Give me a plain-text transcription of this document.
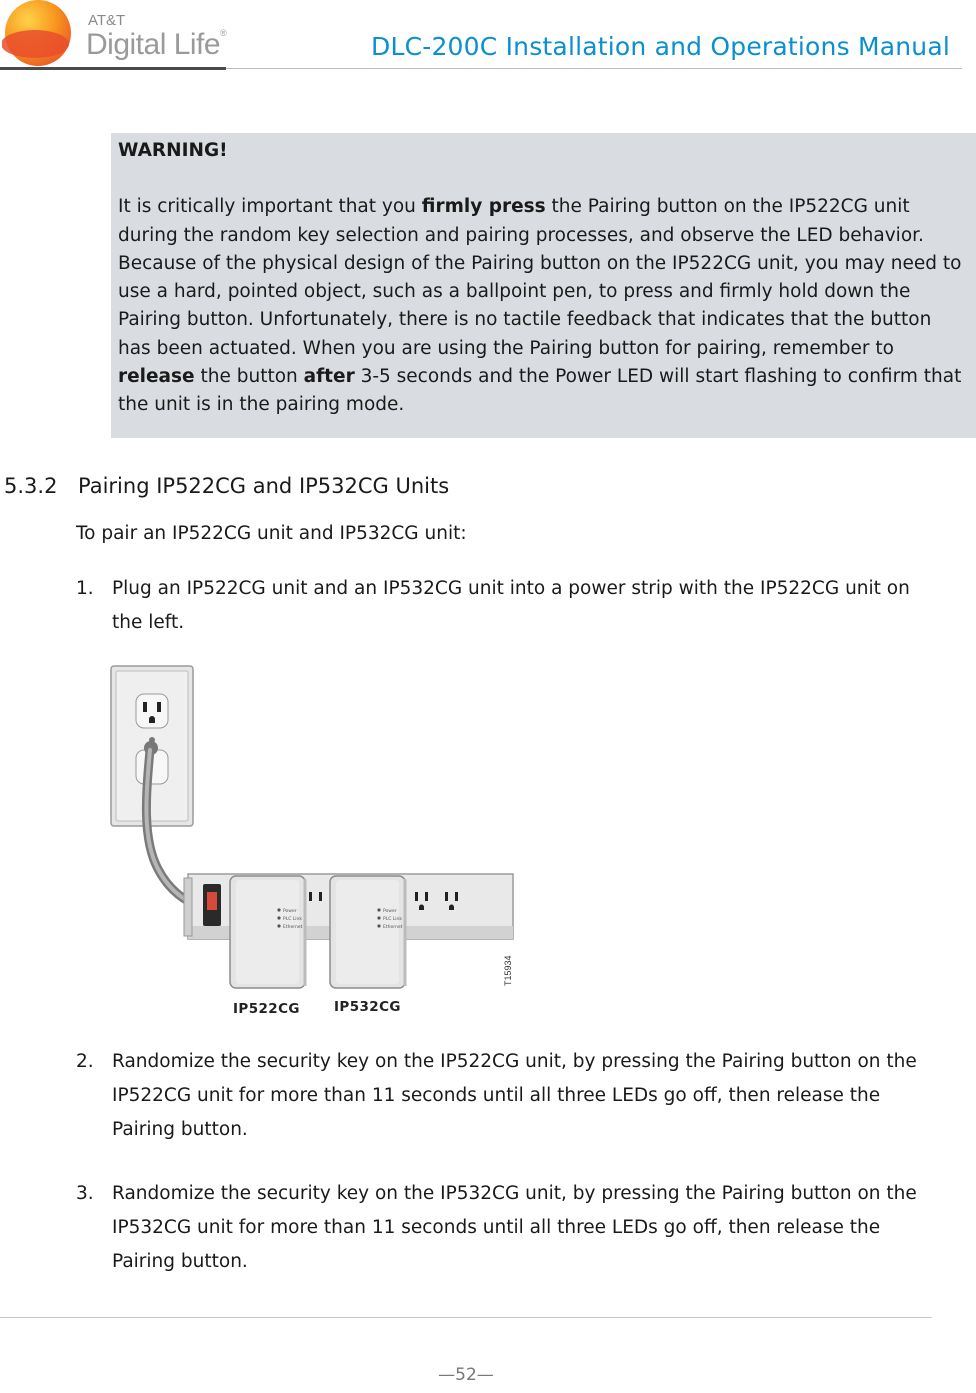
AT&T
Digital Life®	DLC-200C Installation and Operations Manual

WARNING!

It is critically important that you firmly press the Pairing button on the IP522CG unit during the random key selection and pairing processes, and observe the LED behavior. Because of the physical design of the Pairing button on the IP522CG unit, you may need to use a hard, pointed object, such as a ballpoint pen, to press and firmly hold down the Pairing button. Unfortunately, there is no tactile feedback that indicates that the button has been actuated. When you are using the Pairing button for pairing, remember to release the button after 3-5 seconds and the Power LED will start flashing to confirm that the unit is in the pairing mode.

5.3.2 Pairing IP522CG and IP532CG Units
To pair an IP522CG unit and IP532CG unit:
1. Plug an IP522CG unit and an IP532CG unit into a power strip with the IP522CG unit on the left.
Power
PLC Link
Ethernet
Power
PLC Link
Ethernet
T15934
IP522CG	IP532CG
2. Randomize the security key on the IP522CG unit, by pressing the Pairing button on the IP522CG unit for more than 11 seconds until all three LEDs go off, then release the Pairing button.
3. Randomize the security key on the IP532CG unit, by pressing the Pairing button on the IP532CG unit for more than 11 seconds until all three LEDs go off, then release the Pairing button.
—52—
